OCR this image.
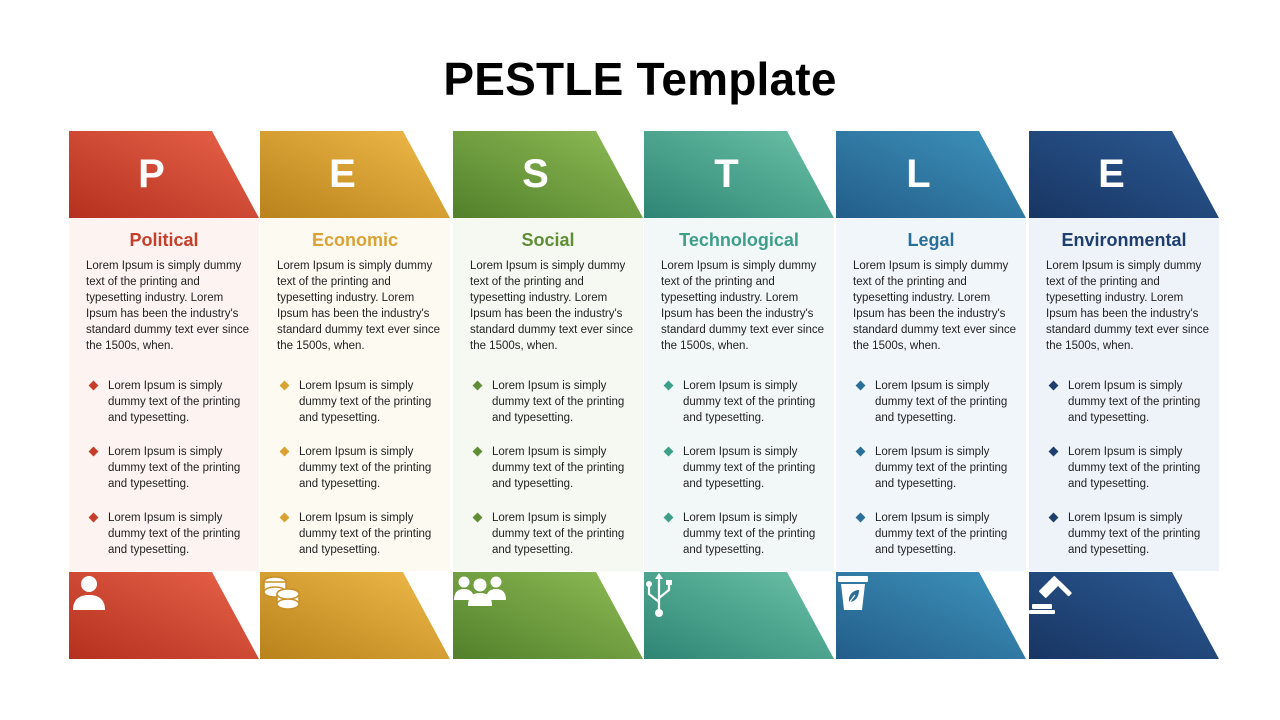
PESTLE Template
P
Political
Lorem Ipsum is simply dummy text of the printing and typesetting industry. Lorem Ipsum has been the industry's standard dummy text ever since the 1500s, when.
Lorem Ipsum is simply dummy text of the printing and typesetting.
Lorem Ipsum is simply dummy text of the printing and typesetting.
Lorem Ipsum is simply dummy text of the printing and typesetting.
E
Economic
Lorem Ipsum is simply dummy text of the printing and typesetting industry. Lorem Ipsum has been the industry's standard dummy text ever since the 1500s, when.
Lorem Ipsum is simply dummy text of the printing and typesetting.
Lorem Ipsum is simply dummy text of the printing and typesetting.
Lorem Ipsum is simply dummy text of the printing and typesetting.
S
Social
Lorem Ipsum is simply dummy text of the printing and typesetting industry. Lorem Ipsum has been the industry's standard dummy text ever since the 1500s, when.
Lorem Ipsum is simply dummy text of the printing and typesetting.
Lorem Ipsum is simply dummy text of the printing and typesetting.
Lorem Ipsum is simply dummy text of the printing and typesetting.
T
Technological
Lorem Ipsum is simply dummy text of the printing and typesetting industry. Lorem Ipsum has been the industry's standard dummy text ever since the 1500s, when.
Lorem Ipsum is simply dummy text of the printing and typesetting.
Lorem Ipsum is simply dummy text of the printing and typesetting.
Lorem Ipsum is simply dummy text of the printing and typesetting.
L
Legal
Lorem Ipsum is simply dummy text of the printing and typesetting industry. Lorem Ipsum has been the industry's standard dummy text ever since the 1500s, when.
Lorem Ipsum is simply dummy text of the printing and typesetting.
Lorem Ipsum is simply dummy text of the printing and typesetting.
Lorem Ipsum is simply dummy text of the printing and typesetting.
E
Environmental
Lorem Ipsum is simply dummy text of the printing and typesetting industry. Lorem Ipsum has been the industry's standard dummy text ever since the 1500s, when.
Lorem Ipsum is simply dummy text of the printing and typesetting.
Lorem Ipsum is simply dummy text of the printing and typesetting.
Lorem Ipsum is simply dummy text of the printing and typesetting.
